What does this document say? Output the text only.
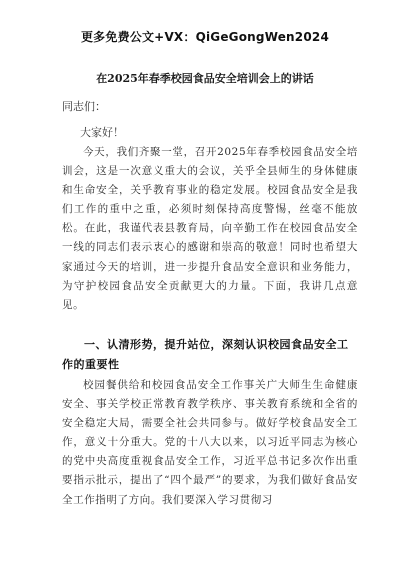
更多免费公文+VX：QiGeGongWen2024
在2025年春季校园食品安全培训会上的讲话
同志们：
大家好！
今天，我们齐聚一堂，召开2025年春季校园食品安全培训会，这是一次意义重大的会议，关乎全县师生的身体健康和生命安全，关乎教育事业的稳定发展。校园食品安全是我们工作的重中之重，必须时刻保持高度警惕，丝毫不能放松。在此，我谨代表县教育局，向辛勤工作在校园食品安全一线的同志们表示衷心的感谢和崇高的敬意！同时也希望大家通过今天的培训，进一步提升食品安全意识和业务能力，为守护校园食品安全贡献更大的力量。下面，我讲几点意见。
一、认清形势，提升站位，深刻认识校园食品安全工作的重要性
校园餐供给和校园食品安全工作事关广大师生生命健康安全、事关学校正常教育教学秩序、事关教育系统和全省的安全稳定大局，需要全社会共同参与。做好学校食品安全工作，意义十分重大。党的十八大以来，以习近平同志为核心的党中央高度重视食品安全工作，习近平总书记多次作出重要指示批示，提出了“四个最严”的要求，为我们做好食品安全工作指明了方向。我们要深入学习贯彻习
